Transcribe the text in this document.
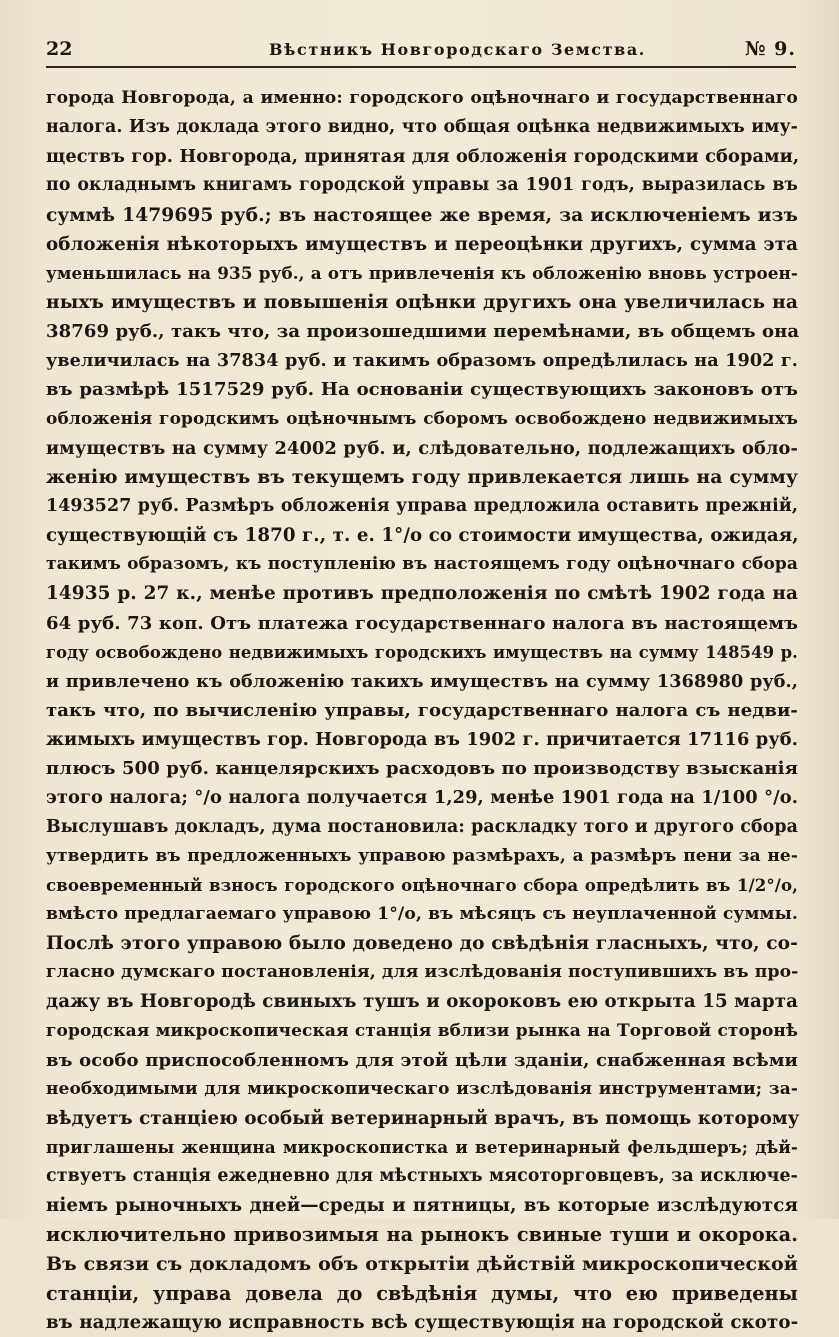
22	Вѣстникъ Новгородскаго Земства.	№ 9.
города Новгорода, а именно: городского оцѣночнаго и государственнаго
налога. Изъ доклада этого видно, что общая оцѣнка недвижимыхъ иму-
ществъ гор. Новгорода, принятая для обложенія городскими сборами,
по окладнымъ книгамъ городской управы за 1901 годъ, выразилась въ
суммѣ 1479695 руб.; въ настоящее же время, за исключеніемъ изъ
обложенія нѣкоторыхъ имуществъ и переоцѣнки другихъ, сумма эта
уменьшилась на 935 руб., а отъ привлеченія къ обложенію вновь устроен-
ныхъ имуществъ и повышенія оцѣнки другихъ она увеличилась на
38769 руб., такъ что, за произошедшими перемѣнами, въ общемъ она
увеличилась на 37834 руб. и такимъ образомъ опредѣлилась на 1902 г.
въ размѣрѣ 1517529 руб. На основаніи существующихъ законовъ отъ
обложенія городскимъ оцѣночнымъ сборомъ освобождено недвижимыхъ
имуществъ на сумму 24002 руб. и, слѣдовательно, подлежащихъ обло-
женію имуществъ въ текущемъ году привлекается лишь на сумму
1493527 руб. Размѣръ обложенія управа предложила оставить прежній,
существующій съ 1870 г., т. е. 1°/о со стоимости имущества, ожидая,
такимъ образомъ, къ поступленію въ настоящемъ году оцѣночнаго сбора
14935 р. 27 к., менѣе противъ предположенія по смѣтѣ 1902 года на
64 руб. 73 коп. Отъ платежа государственнаго налога въ настоящемъ
году освобождено недвижимыхъ городскихъ имуществъ на сумму 148549 р.
и привлечено къ обложенію такихъ имуществъ на сумму 1368980 руб.,
такъ что, по вычисленію управы, государственнаго налога съ недви-
жимыхъ имуществъ гор. Новгорода въ 1902 г. причитается 17116 руб.
плюсъ 500 руб. канцелярскихъ расходовъ по производству взысканія
этого налога; °/о налога получается 1,29, менѣе 1901 года на 1/100 °/о.
Выслушавъ докладъ, дума постановила: раскладку того и другого сбора
утвердить въ предложенныхъ управою размѣрахъ, а размѣръ пени за не-
своевременный взносъ городского оцѣночнаго сбора опредѣлить въ 1/2°/о,
вмѣсто предлагаемаго управою 1°/о, въ мѣсяцъ съ неуплаченной суммы.
Послѣ этого управою было доведено до свѣдѣнія гласныхъ, что, со-
гласно думскаго постановленія, для изслѣдованія поступившихъ въ про-
дажу въ Новгородѣ свиныхъ тушъ и окороковъ ею открыта 15 марта
городская микроскопическая станція вблизи рынка на Торговой сторонѣ
въ особо приспособленномъ для этой цѣли зданіи, снабженная всѣми
необходимыми для микроскопическаго изслѣдованія инструментами; за-
вѣдуетъ станціею особый ветеринарный врачъ, въ помощь которому
приглашены женщина микроскопистка и ветеринарный фельдшеръ; дѣй-
ствуетъ станція ежедневно для мѣстныхъ мясоторговцевъ, за исключе-
ніемъ рыночныхъ дней—среды и пятницы, въ которые изслѣдуются
исключительно привозимыя на рынокъ свиные туши и окорока.
Въ связи съ докладомъ объ открытіи дѣйствій микроскопической
станціи, управа довела до свѣдѣнія думы, что ею приведены
въ надлежащую исправность всѣ существующія на городской ското-
